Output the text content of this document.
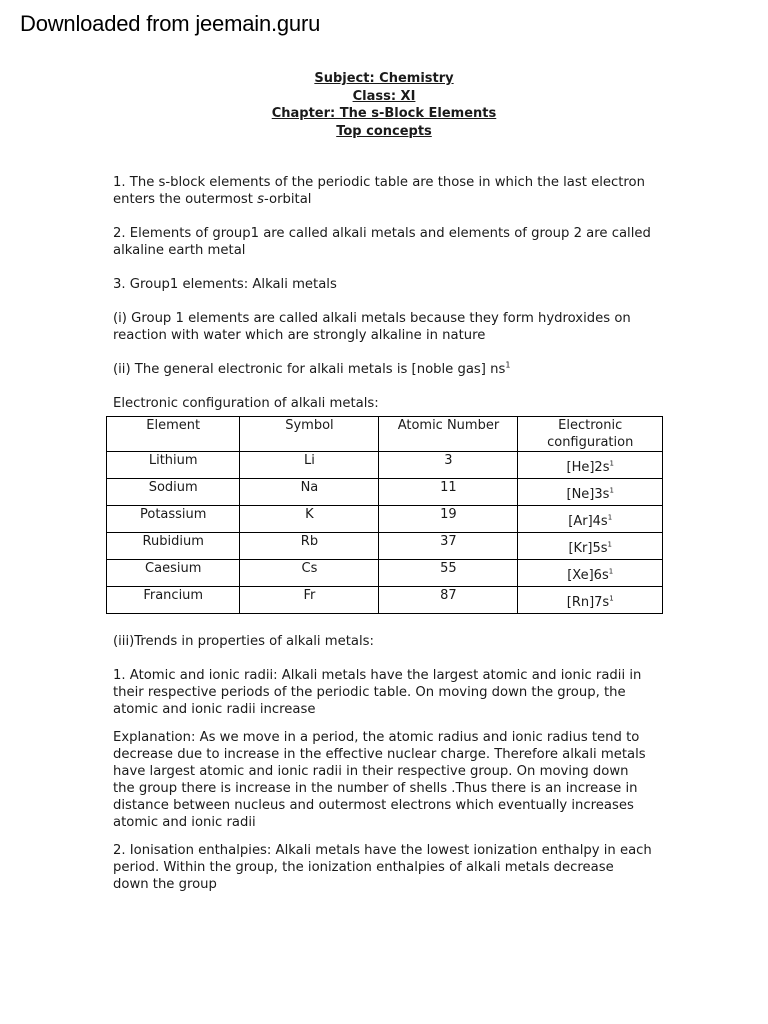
Downloaded from jeemain.guru
Subject: Chemistry
Class: XI
Chapter: The s-Block Elements
Top concepts

1. The s-block elements of the periodic table are those in which the last electron enters the outermost s-orbital

2. Elements of group1 are called alkali metals and elements of group 2 are called alkaline earth metal

3. Group1 elements: Alkali metals

(i) Group 1 elements are called alkali metals because they form hydroxides on reaction with water which are strongly alkaline in nature

(ii) The general electronic for alkali metals is [noble gas] $ns^1$

Electronic configuration of alkali metals:

Element	Symbol	Atomic Number	Electronic configuration
Lithium	Li	3	$[He]2s^1$
Sodium	Na	11	$[Ne]3s^1$
Potassium	K	19	$[Ar]4s^1$
Rubidium	Rb	37	$[Kr]5s^1$
Caesium	Cs	55	$[Xe]6s^1$
Francium	Fr	87	$[Rn]7s^1$

(iii)Trends in properties of alkali metals:

1. Atomic and ionic radii: Alkali metals have the largest atomic and ionic radii in their respective periods of the periodic table. On moving down the group, the atomic and ionic radii increase

Explanation: As we move in a period, the atomic radius and ionic radius tend to decrease due to increase in the effective nuclear charge. Therefore alkali metals have largest atomic and ionic radii in their respective group. On moving down the group there is increase in the number of shells .Thus there is an increase in distance between nucleus and outermost electrons which eventually increases atomic and ionic radii

2. Ionisation enthalpies: Alkali metals have the lowest ionization enthalpy in each period. Within the group, the ionization enthalpies of alkali metals decrease down the group
